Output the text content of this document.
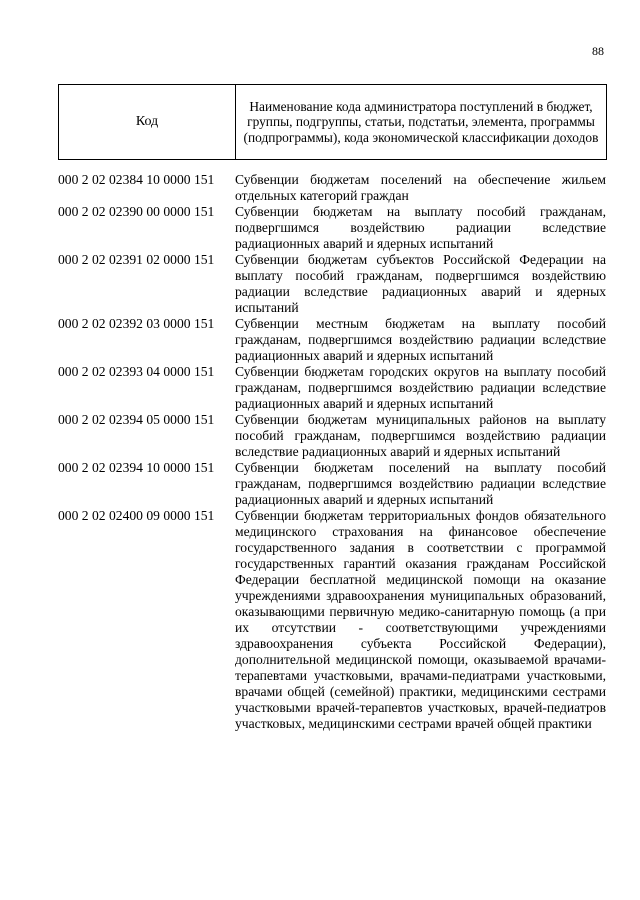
88
Код	Наименование кода администратора поступлений в бюджет, группы, подгруппы, статьи, подстатьи, элемента, программы (подпрограммы), кода экономической классификации доходов
000 2 02 02384 10 0000 151	Субвенции бюджетам поселений на обеспечение жильем отдельных категорий граждан
000 2 02 02390 00 0000 151	Субвенции бюджетам на выплату пособий гражданам, подвергшимся воздействию радиации вследствие радиационных аварий и ядерных испытаний
000 2 02 02391 02 0000 151	Субвенции бюджетам субъектов Российской Федерации на выплату пособий гражданам, подвергшимся воздействию радиации вследствие радиационных аварий и ядерных испытаний
000 2 02 02392 03 0000 151	Субвенции местным бюджетам на выплату пособий гражданам, подвергшимся воздействию радиации вследствие радиационных аварий и ядерных испытаний
000 2 02 02393 04 0000 151	Субвенции бюджетам городских округов на выплату пособий гражданам, подвергшимся воздействию радиации вследствие радиационных аварий и ядерных испытаний
000 2 02 02394 05 0000 151	Субвенции бюджетам муниципальных районов на выплату пособий гражданам, подвергшимся воздействию радиации вследствие радиационных аварий и ядерных испытаний
000 2 02 02394 10 0000 151	Субвенции бюджетам поселений на выплату пособий гражданам, подвергшимся воздействию радиации вследствие радиационных аварий и ядерных испытаний
000 2 02 02400 09 0000 151	Субвенции бюджетам территориальных фондов обязательного медицинского страхования на финансовое обеспечение государственного задания в соответствии с программой государственных гарантий оказания гражданам Российской Федерации бесплатной медицинской помощи на оказание учреждениями здравоохранения муниципальных образований, оказывающими первичную медико-санитарную помощь (а при их отсутствии - соответствующими учреждениями здравоохранения субъекта Российской Федерации), дополнительной медицинской помощи, оказываемой врачами-терапевтами участковыми, врачами-педиатрами участковыми, врачами общей (семейной) практики, медицинскими сестрами участковыми врачей-терапевтов участковых, врачей-педиатров участковых, медицинскими сестрами врачей общей практики
